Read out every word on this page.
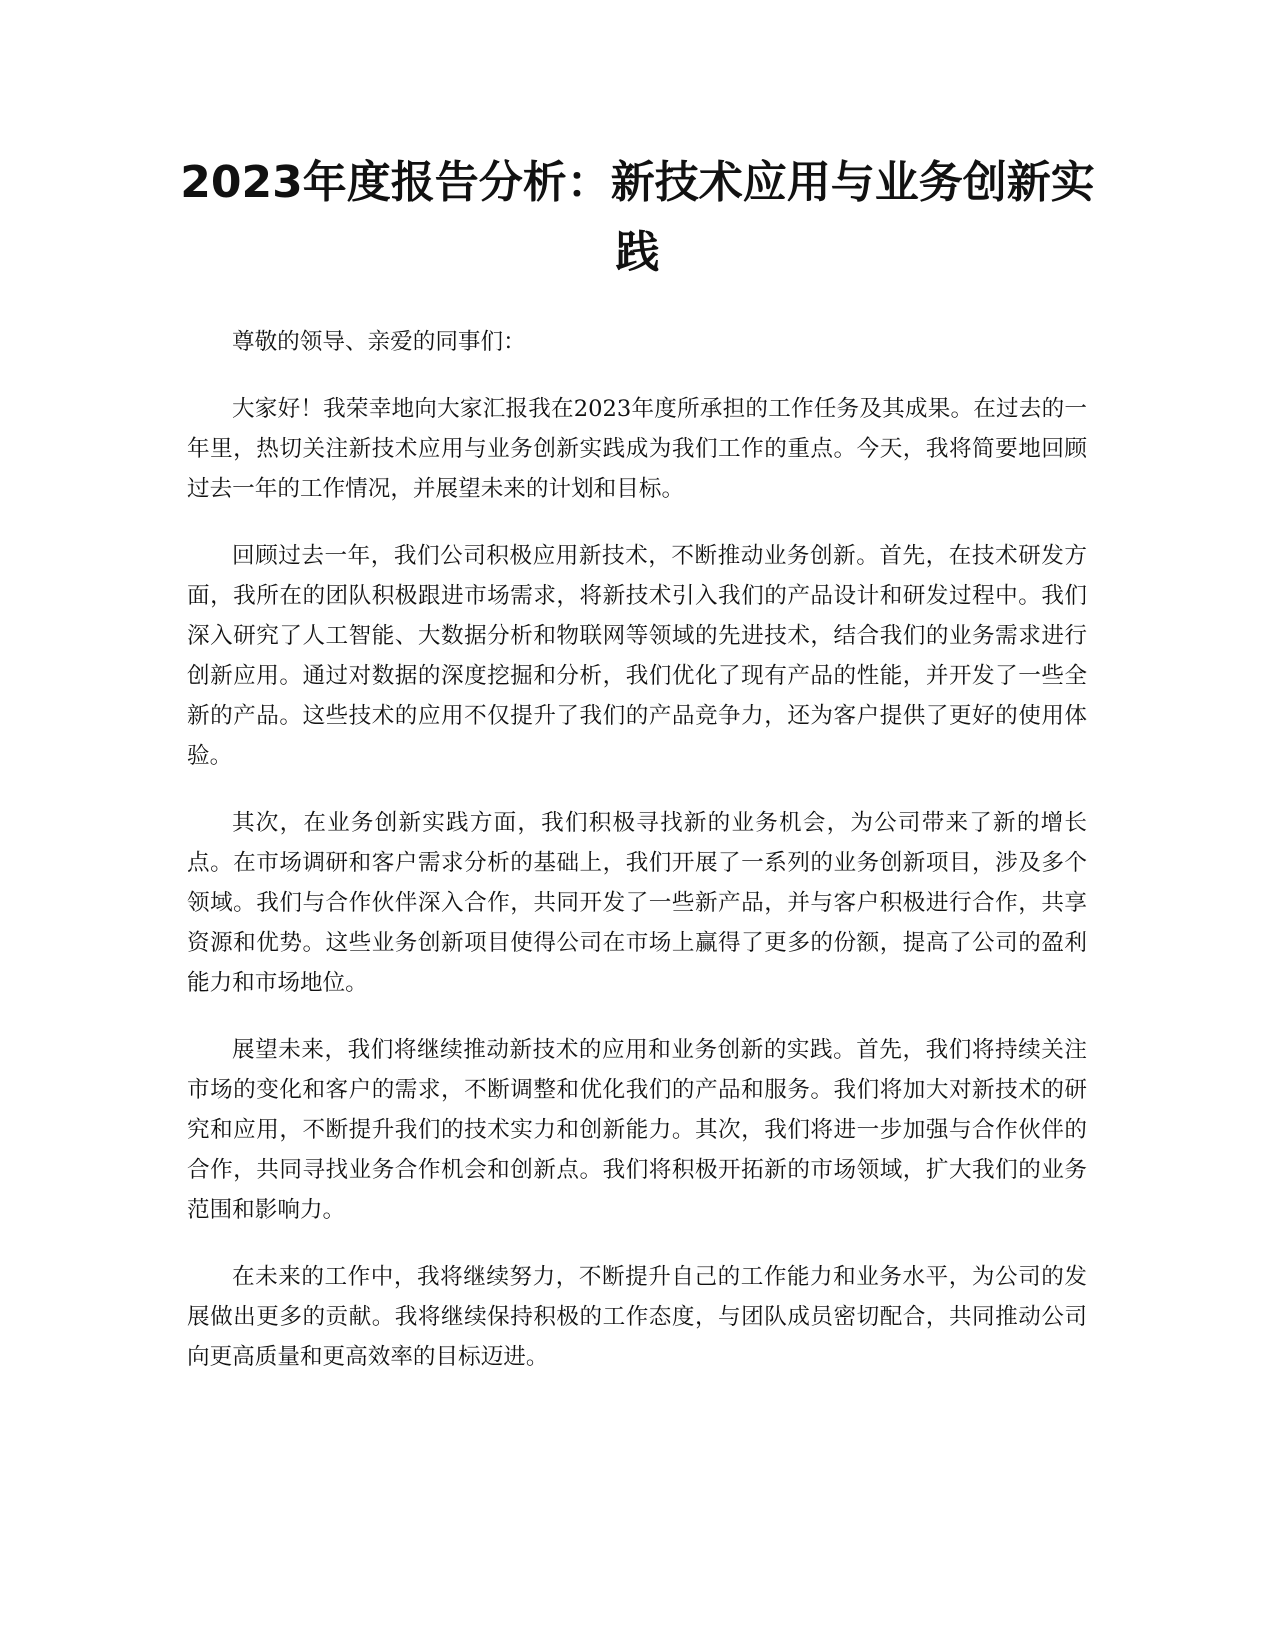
2023年度报告分析：新技术应用与业务创新实践

尊敬的领导、亲爱的同事们：

大家好！我荣幸地向大家汇报我在2023年度所承担的工作任务及其成果。在过去的一年里，热切关注新技术应用与业务创新实践成为我们工作的重点。今天，我将简要地回顾过去一年的工作情况，并展望未来的计划和目标。

回顾过去一年，我们公司积极应用新技术，不断推动业务创新。首先，在技术研发方面，我所在的团队积极跟进市场需求，将新技术引入我们的产品设计和研发过程中。我们深入研究了人工智能、大数据分析和物联网等领域的先进技术，结合我们的业务需求进行创新应用。通过对数据的深度挖掘和分析，我们优化了现有产品的性能，并开发了一些全新的产品。这些技术的应用不仅提升了我们的产品竞争力，还为客户提供了更好的使用体验。

其次，在业务创新实践方面，我们积极寻找新的业务机会，为公司带来了新的增长点。在市场调研和客户需求分析的基础上，我们开展了一系列的业务创新项目，涉及多个领域。我们与合作伙伴深入合作，共同开发了一些新产品，并与客户积极进行合作，共享资源和优势。这些业务创新项目使得公司在市场上赢得了更多的份额，提高了公司的盈利能力和市场地位。

展望未来，我们将继续推动新技术的应用和业务创新的实践。首先，我们将持续关注市场的变化和客户的需求，不断调整和优化我们的产品和服务。我们将加大对新技术的研究和应用，不断提升我们的技术实力和创新能力。其次，我们将进一步加强与合作伙伴的合作，共同寻找业务合作机会和创新点。我们将积极开拓新的市场领域，扩大我们的业务范围和影响力。

在未来的工作中，我将继续努力，不断提升自己的工作能力和业务水平，为公司的发展做出更多的贡献。我将继续保持积极的工作态度，与团队成员密切配合，共同推动公司向更高质量和更高效率的目标迈进。
